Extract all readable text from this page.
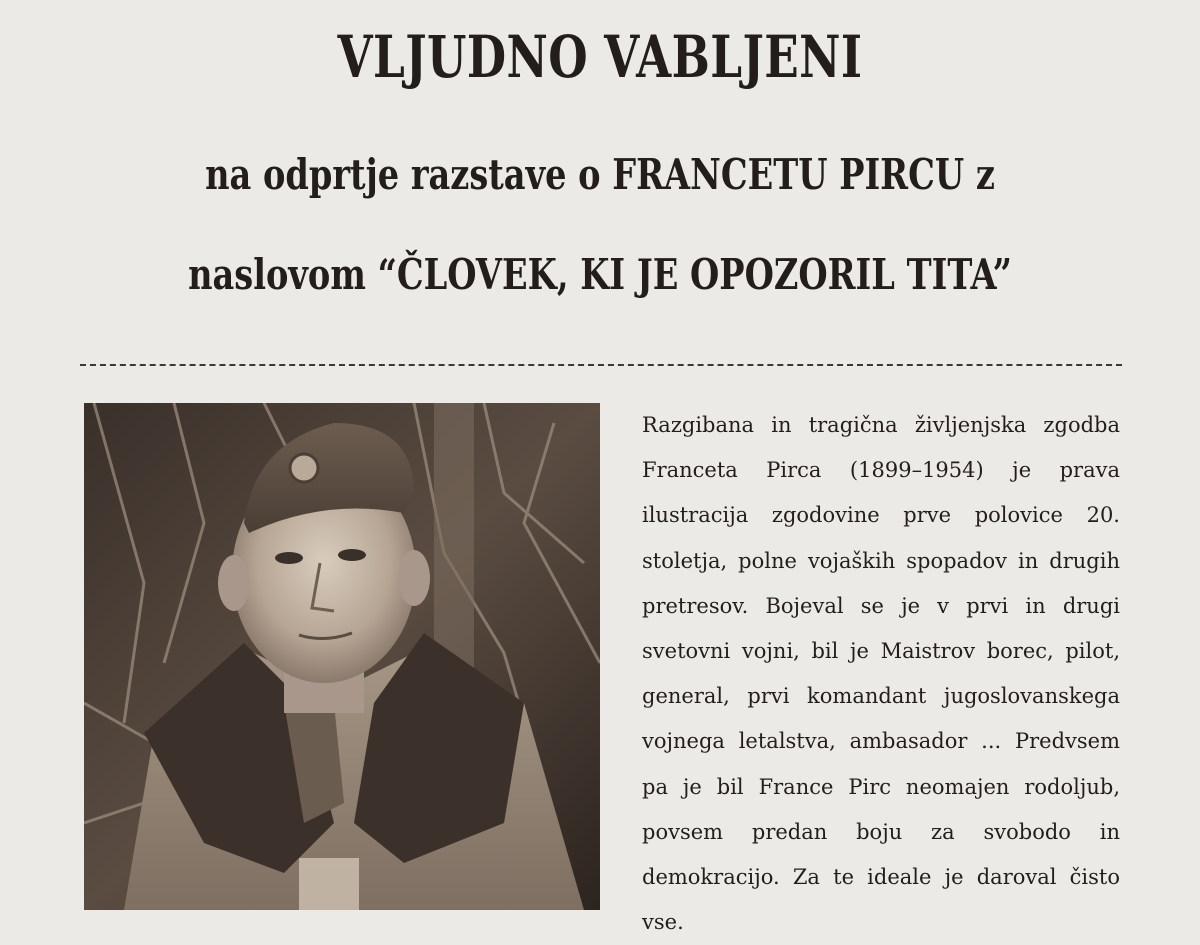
VLJUDNO VABLJENI
na odprtje razstave o FRANCETU PIRCU z
naslovom “ČLOVEK, KI JE OPOZORIL TITA”

Razgibana in tragična življenjska zgodba Franceta Pirca (1899–1954) je prava ilustracija zgodovine prve polovice 20. stoletja, polne vojaških spopadov in drugih pretresov. Bojeval se je v prvi in drugi svetovni vojni, bil je Maistrov borec, pilot, general, prvi komandant jugoslovanskega vojnega letalstva, ambasador ... Predvsem pa je bil France Pirc neomajen rodoljub, povsem predan boju za svobodo in demokracijo. Za te ideale je daroval čisto vse.
